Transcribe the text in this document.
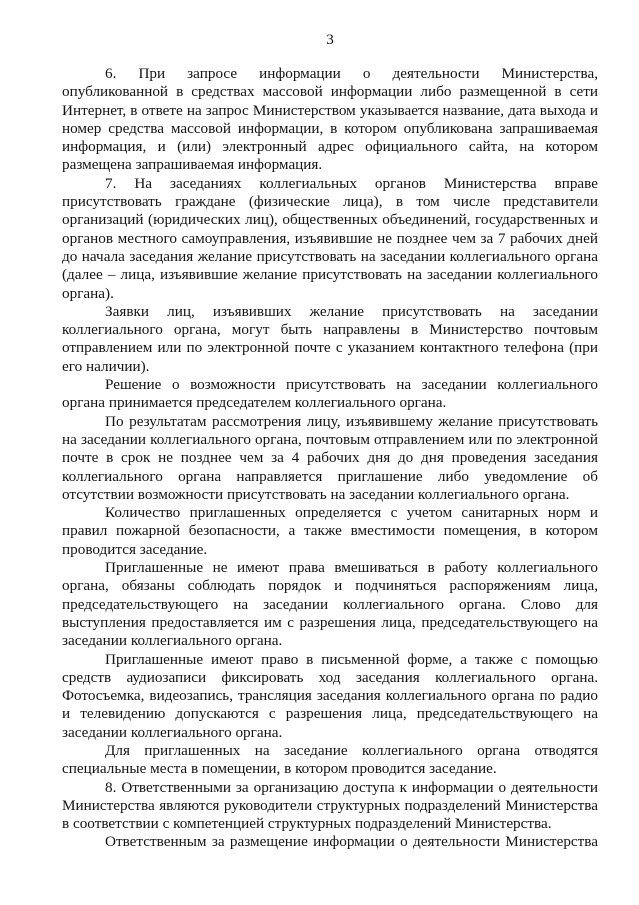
3

6. При запросе информации о деятельности Министерства, опубликованной в средствах массовой информации либо размещенной в сети Интернет, в ответе на запрос Министерством указывается название, дата выхода и номер средства массовой информации, в котором опубликована запрашиваемая информация, и (или) электронный адрес официального сайта, на котором размещена запрашиваемая информация.

7. На заседаниях коллегиальных органов Министерства вправе присутствовать граждане (физические лица), в том числе представители организаций (юридических лиц), общественных объединений, государственных и органов местного самоуправления, изъявившие не позднее чем за 7 рабочих дней до начала заседания желание присутствовать на заседании коллегиального органа (далее – лица, изъявившие желание присутствовать на заседании коллегиального органа).

Заявки лиц, изъявивших желание присутствовать на заседании коллегиального органа, могут быть направлены в Министерство почтовым отправлением или по электронной почте с указанием контактного телефона (при его наличии).

Решение о возможности присутствовать на заседании коллегиального органа принимается председателем коллегиального органа.

По результатам рассмотрения лицу, изъявившему желание присутствовать на заседании коллегиального органа, почтовым отправлением или по электронной почте в срок не позднее чем за 4 рабочих дня до дня проведения заседания коллегиального органа направляется приглашение либо уведомление об отсутствии возможности присутствовать на заседании коллегиального органа.

Количество приглашенных определяется с учетом санитарных норм и правил пожарной безопасности, а также вместимости помещения, в котором проводится заседание.

Приглашенные не имеют права вмешиваться в работу коллегиального органа, обязаны соблюдать порядок и подчиняться распоряжениям лица, председательствующего на заседании коллегиального органа. Слово для выступления предоставляется им с разрешения лица, председательствующего на заседании коллегиального органа.

Приглашенные имеют право в письменной форме, а также с помощью средств аудиозаписи фиксировать ход заседания коллегиального органа. Фотосъемка, видеозапись, трансляция заседания коллегиального органа по радио и телевидению допускаются с разрешения лица, председательствующего на заседании коллегиального органа.

Для приглашенных на заседание коллегиального органа отводятся специальные места в помещении, в котором проводится заседание.

8. Ответственными за организацию доступа к информации о деятельности Министерства являются руководители структурных подразделений Министерства в соответствии с компетенцией структурных подразделений Министерства.

Ответственным за размещение информации о деятельности Министерства
